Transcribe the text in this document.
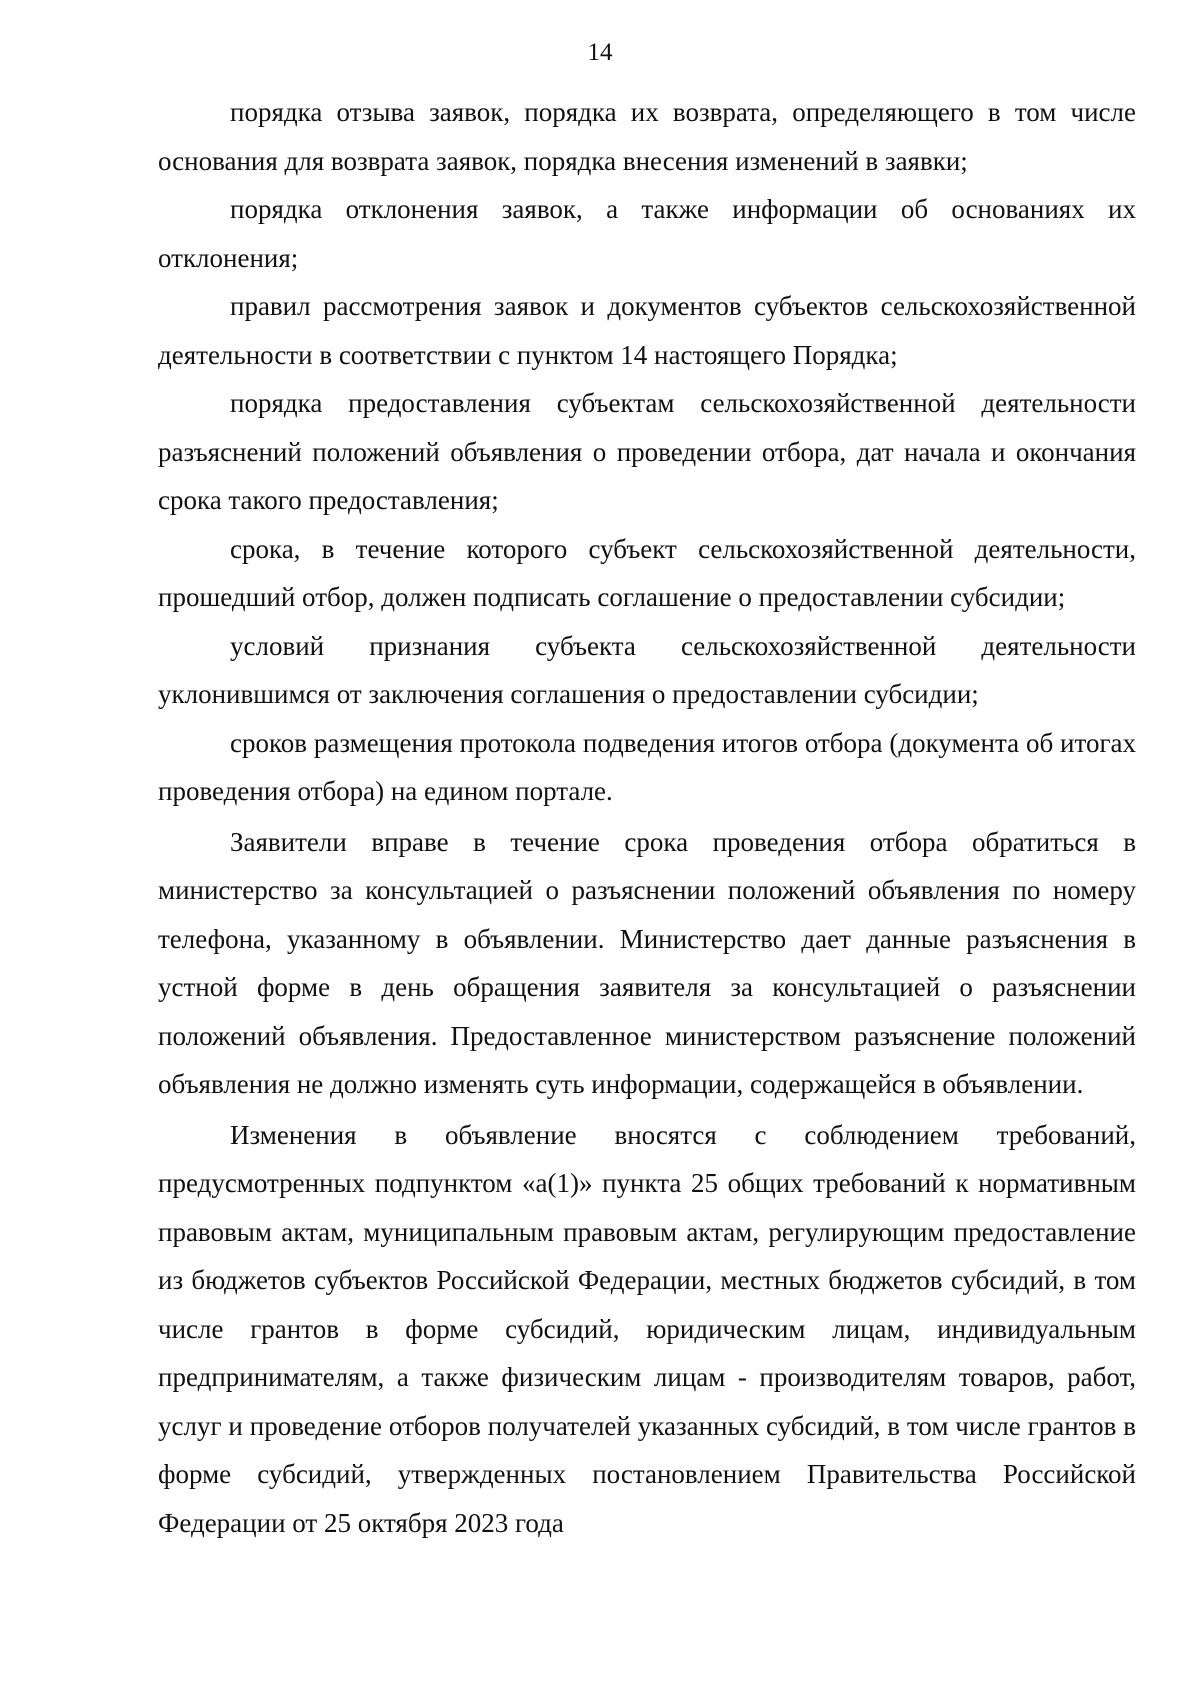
14

порядка отзыва заявок, порядка их возврата, определяющего в том числе основания для возврата заявок, порядка внесения изменений в заявки;

порядка отклонения заявок, а также информации об основаниях их отклонения;

правил рассмотрения заявок и документов субъектов сельскохозяйственной деятельности в соответствии с пунктом 14 настоящего Порядка;

порядка предоставления субъектам сельскохозяйственной деятельности разъяснений положений объявления о проведении отбора, дат начала и окончания срока такого предоставления;

срока, в течение которого субъект сельскохозяйственной деятельности, прошедший отбор, должен подписать соглашение о предоставлении субсидии;

условий признания субъекта сельскохозяйственной деятельности уклонившимся от заключения соглашения о предоставлении субсидии;

сроков размещения протокола подведения итогов отбора (документа об итогах проведения отбора) на едином портале.

Заявители вправе в течение срока проведения отбора обратиться в министерство за консультацией о разъяснении положений объявления по номеру телефона, указанному в объявлении. Министерство дает данные разъяснения в устной форме в день обращения заявителя за консультацией о разъяснении положений объявления. Предоставленное министерством разъяснение положений объявления не должно изменять суть информации, содержащейся в объявлении.

Изменения в объявление вносятся с соблюдением требований, предусмотренных подпунктом «а(1)» пункта 25 общих требований к нормативным правовым актам, муниципальным правовым актам, регулирующим предоставление из бюджетов субъектов Российской Федерации, местных бюджетов субсидий, в том числе грантов в форме субсидий, юридическим лицам, индивидуальным предпринимателям, а также физическим лицам - производителям товаров, работ, услуг и проведение отборов получателей указанных субсидий, в том числе грантов в форме субсидий, утвержденных постановлением Правительства Российской Федерации от 25 октября 2023 года
